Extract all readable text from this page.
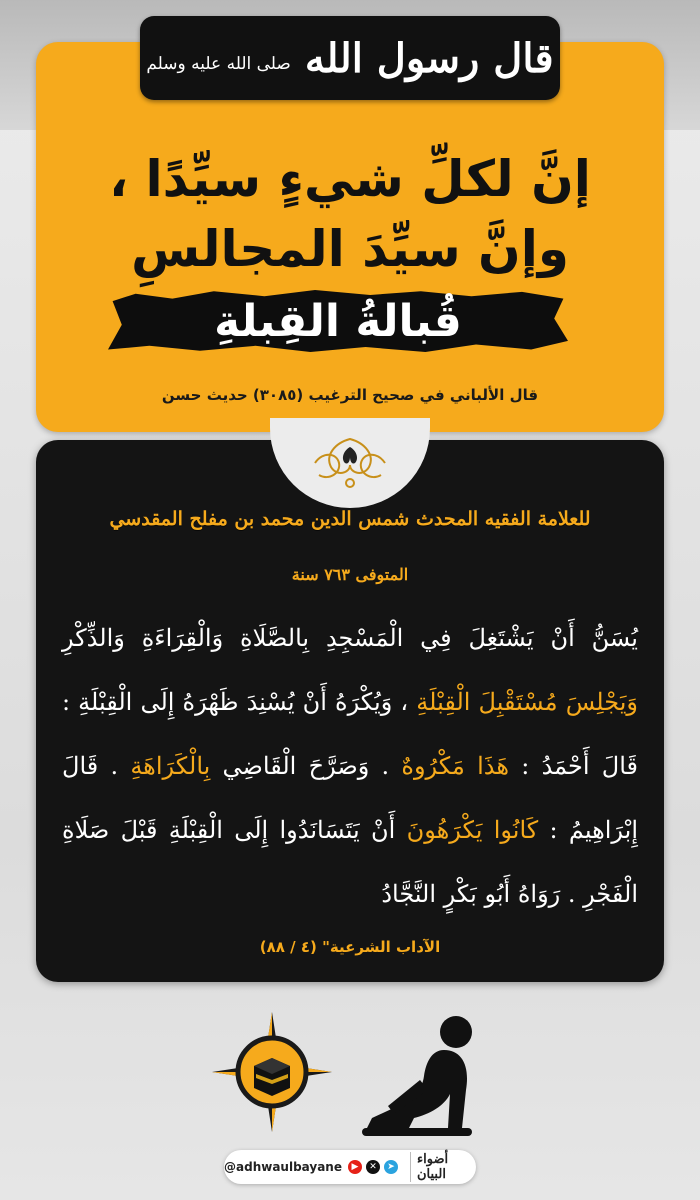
قال رسول الله
صلى الله عليه وسلم
إنَّ لكلِّ شيءٍ سيِّدًا ،
وإنَّ سيِّدَ المجالسِ
قُبالةُ القِبلةِ
قال الألباني في صحيح الترغيب (٣٠٨٥) حديث حسن
للعلامة الفقيه المحدث شمس الدين محمد بن مفلح المقدسي
المتوفى ٧٦٣ سنة
يُسَنُّ أَنْ يَشْتَغِلَ فِي الْمَسْجِدِ بِالصَّلَاةِ وَالْقِرَاءَةِ وَالذِّكْرِ وَيَجْلِسَ مُسْتَقْبِلَ الْقِبْلَةِ ، وَيُكْرَهُ أَنْ يُسْنِدَ ظَهْرَهُ إِلَى الْقِبْلَةِ : قَالَ أَحْمَدُ : هَذَا مَكْرُوهٌ . وَصَرَّحَ الْقَاضِي بِالْكَرَاهَةِ . قَالَ إِبْرَاهِيمُ : كَانُوا يَكْرَهُونَ أَنْ يَتَسَانَدُوا إِلَى الْقِبْلَةِ قَبْلَ صَلَاةِ الْفَجْرِ . رَوَاهُ أَبُو بَكْرٍ النَّجَّادُ
الآداب الشرعية" (٤ / ٨٨)
@adhwaulbayane	▶	✕	➤	أضواء البيان
